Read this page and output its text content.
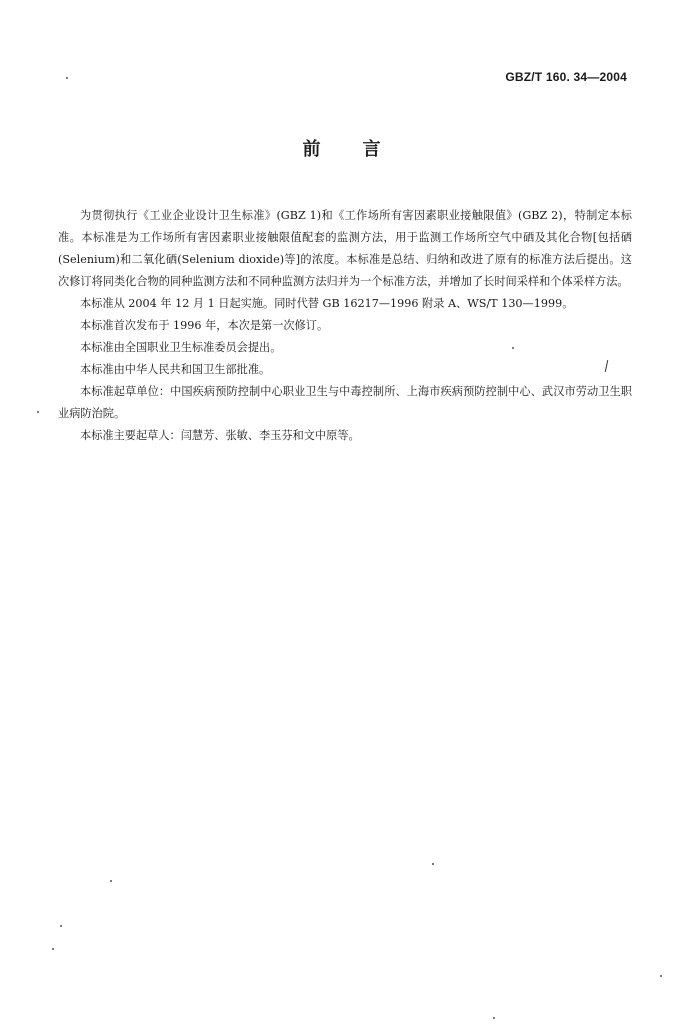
GBZ/T 160. 34—2004
前言

为贯彻执行《工业企业设计卫生标准》(GBZ 1)和《工作场所有害因素职业接触限值》(GBZ 2)，特制定本标准。本标准是为工作场所有害因素职业接触限值配套的监测方法，用于监测工作场所空气中硒及其化合物[包括硒(Selenium)和二氧化硒(Selenium dioxide)等]的浓度。本标准是总结、归纳和改进了原有的标准方法后提出。这次修订将同类化合物的同种监测方法和不同种监测方法归并为一个标准方法，并增加了长时间采样和个体采样方法。

本标准从 2004 年 12 月 1 日起实施。同时代替 GB 16217—1996 附录 A、WS/T 130—1999。

本标准首次发布于 1996 年，本次是第一次修订。

本标准由全国职业卫生标准委员会提出。

本标准由中华人民共和国卫生部批准。

本标准起草单位：中国疾病预防控制中心职业卫生与中毒控制所、上海市疾病预防控制中心、武汉市劳动卫生职业病防治院。

本标准主要起草人：闫慧芳、张敏、李玉芬和文中原等。
